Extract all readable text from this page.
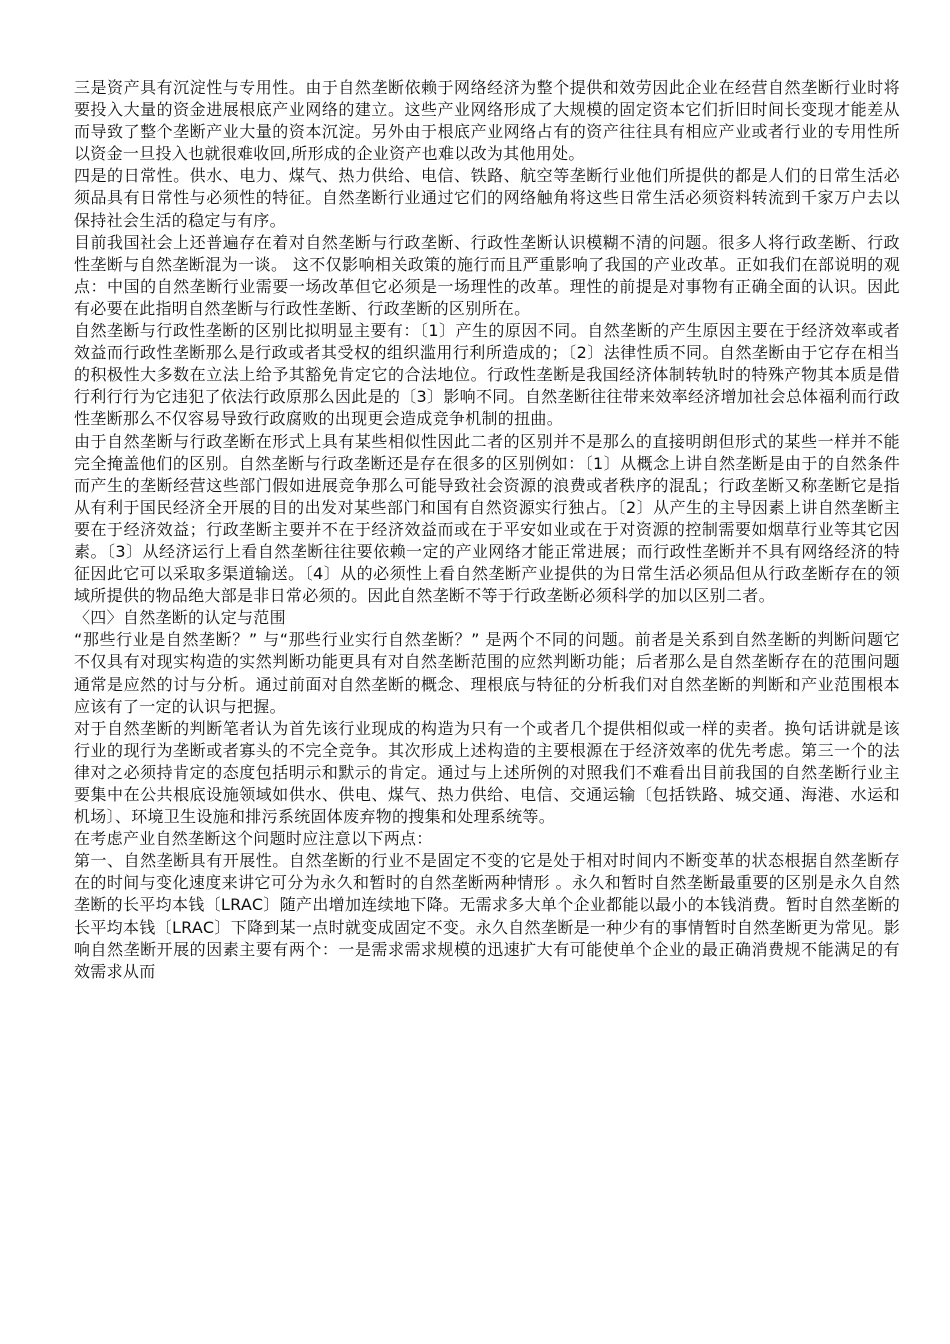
三是资产具有沉淀性与专用性。由于自然垄断依赖于网络经济为整个提供和效劳因此企业在经营自然垄断行业时将要投入大量的资金进展根底产业网络的建立。这些产业网络形成了大规模的固定资本它们折旧时间长变现才能差从而导致了整个垄断产业大量的资本沉淀。另外由于根底产业网络占有的资产往往具有相应产业或者行业的专用性所以资金一旦投入也就很难收回,所形成的企业资产也难以改为其他用处。

四是的日常性。供水、电力、煤气、热力供给、电信、铁路、航空等垄断行业他们所提供的都是人们的日常生活必须品具有日常性与必须性的特征。自然垄断行业通过它们的网络触角将这些日常生活必须资料转流到千家万户去以保持社会生活的稳定与有序。

目前我国社会上还普遍存在着对自然垄断与行政垄断、行政性垄断认识模糊不清的问题。很多人将行政垄断、行政性垄断与自然垄断混为一谈。 这不仅影响相关政策的施行而且严重影响了我国的产业改革。正如我们在部说明的观点：中国的自然垄断行业需要一场改革但它必须是一场理性的改革。理性的前提是对事物有正确全面的认识。因此有必要在此指明自然垄断与行政性垄断、行政垄断的区别所在。

自然垄断与行政性垄断的区别比拟明显主要有：〔1〕产生的原因不同。自然垄断的产生原因主要在于经济效率或者效益而行政性垄断那么是行政或者其受权的组织滥用行利所造成的；〔2〕法律性质不同。自然垄断由于它存在相当的积极性大多数在立法上给予其豁免肯定它的合法地位。行政性垄断是我国经济体制转轨时的特殊产物其本质是借行利行行为它违犯了依法行政原那么因此是的〔3〕影响不同。自然垄断往往带来效率经济增加社会总体福利而行政性垄断那么不仅容易导致行政腐败的出现更会造成竞争机制的扭曲。

由于自然垄断与行政垄断在形式上具有某些相似性因此二者的区别并不是那么的直接明朗但形式的某些一样并不能完全掩盖他们的区别。自然垄断与行政垄断还是存在很多的区别例如：〔1〕从概念上讲自然垄断是由于的自然条件而产生的垄断经营这些部门假如进展竞争那么可能导致社会资源的浪费或者秩序的混乱；行政垄断又称垄断它是指从有利于国民经济全开展的目的出发对某些部门和国有自然资源实行独占。〔2〕从产生的主导因素上讲自然垄断主要在于经济效益；行政垄断主要并不在于经济效益而或在于平安如业或在于对资源的控制需要如烟草行业等其它因素。〔3〕从经济运行上看自然垄断往往要依赖一定的产业网络才能正常进展；而行政性垄断并不具有网络经济的特征因此它可以采取多渠道输送。〔4〕从的必须性上看自然垄断产业提供的为日常生活必须品但从行政垄断存在的领域所提供的物品绝大部是非日常必须的。因此自然垄断不等于行政垄断必须科学的加以区别二者。

〈四〉自然垄断的认定与范围

“那些行业是自然垄断？” 与“那些行业实行自然垄断？” 是两个不同的问题。前者是关系到自然垄断的判断问题它不仅具有对现实构造的实然判断功能更具有对自然垄断范围的应然判断功能；后者那么是自然垄断存在的范围问题通常是应然的讨与分析。通过前面对自然垄断的概念、理根底与特征的分析我们对自然垄断的判断和产业范围根本应该有了一定的认识与把握。

对于自然垄断的判断笔者认为首先该行业现成的构造为只有一个或者几个提供相似或一样的卖者。换句话讲就是该行业的现行为垄断或者寡头的不完全竞争。其次形成上述构造的主要根源在于经济效率的优先考虑。第三一个的法律对之必须持肯定的态度包括明示和默示的肯定。通过与上述所例的对照我们不难看出目前我国的自然垄断行业主要集中在公共根底设施领域如供水、供电、煤气、热力供给、电信、交通运输〔包括铁路、城交通、海港、水运和机场〕、环境卫生设施和排污系统固体废弃物的搜集和处理系统等。

在考虑产业自然垄断这个问题时应注意以下两点：

第一、自然垄断具有开展性。自然垄断的行业不是固定不变的它是处于相对时间内不断变革的状态根据自然垄断存在的时间与变化速度来讲它可分为永久和暂时的自然垄断两种情形 。永久和暂时自然垄断最重要的区别是永久自然垄断的长平均本钱〔LRAC〕随产出增加连续地下降。无需求多大单个企业都能以最小的本钱消费。暂时自然垄断的长平均本钱〔LRAC〕下降到某一点时就变成固定不变。永久自然垄断是一种少有的事情暂时自然垄断更为常见。影响自然垄断开展的因素主要有两个：一是需求需求规模的迅速扩大有可能使单个企业的最正确消费规不能满足的有效需求从而
